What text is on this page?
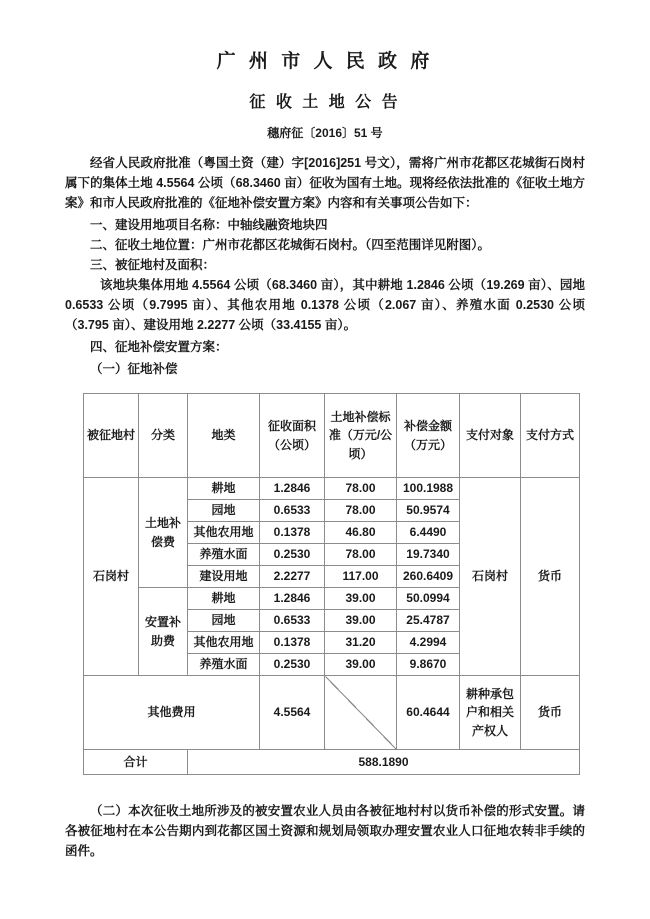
广 州 市 人 民 政 府
征 收 土 地 公 告
穗府征〔2016〕51 号

经省人民政府批准（粤国土资（建）字[2016]251 号文），需将广州市花都区花城街石岗村属下的集体土地 4.5564 公顷（68.3460 亩）征收为国有土地。现将经依法批准的《征收土地方案》和市人民政府批准的《征地补偿安置方案》内容和有关事项公告如下：

一、建设用地项目名称：中轴线融资地块四

二、征收土地位置：广州市花都区花城街石岗村。（四至范围详见附图）。

三、被征地村及面积：

该地块集体用地 4.5564 公顷（68.3460 亩），其中耕地 1.2846 公顷（19.269 亩）、园地 0.6533 公顷（9.7995 亩）、其他农用地 0.1378 公顷（2.067 亩）、养殖水面 0.2530 公顷（3.795 亩）、建设用地 2.2277 公顷（33.4155 亩）。

四、征地补偿安置方案：

（一）征地补偿

被征地村	分类	地类	征收面积（公顷）	土地补偿标准（万元/公顷）	补偿金额（万元）	支付对象	支付方式
石岗村	土地补偿费	耕地	1.2846	78.00	100.1988	石岗村	货币
		园地	0.6533	78.00	50.9574		
		其他农用地	0.1378	46.80	6.4490		
		养殖水面	0.2530	78.00	19.7340		
		建设用地	2.2277	117.00	260.6409		
	安置补助费	耕地	1.2846	39.00	50.0994		
		园地	0.6533	39.00	25.4787		
		其他农用地	0.1378	31.20	4.2994		
		养殖水面	0.2530	39.00	9.8670		
其他费用			4.5564		60.4644	耕种承包户和相关产权人	货币
合计		588.1890					

（二）本次征收土地所涉及的被安置农业人员由各被征地村村以货币补偿的形式安置。请各被征地村在本公告期内到花都区国土资源和规划局领取办理安置农业人口征地农转非手续的函件。
